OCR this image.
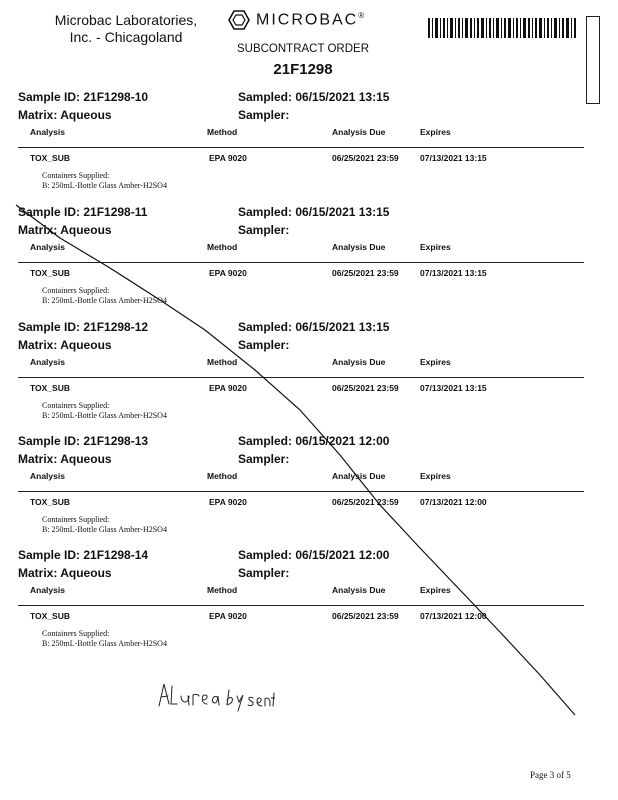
Microbac Laboratories,
Inc. - Chicagoland
MICROBAC®
SUBCONTRACT ORDER
21F1298
Sample ID: 21F1298-10
Matrix: Aqueous
Sampled: 06/15/2021 13:15
Sampler:
Analysis	Method	Analysis Due	Expires
TOX_SUB	EPA 9020	06/25/2021 23:59	07/13/2021 13:15
Containers Supplied:
B: 250mL-Bottle Glass Amber-H2SO4
Sample ID: 21F1298-11
Matrix: Aqueous
Sampled: 06/15/2021 13:15
Sampler:
Analysis	Method	Analysis Due	Expires
TOX_SUB	EPA 9020	06/25/2021 23:59	07/13/2021 13:15
Containers Supplied:
B: 250mL-Bottle Glass Amber-H2SO4
Sample ID: 21F1298-12
Matrix: Aqueous
Sampled: 06/15/2021 13:15
Sampler:
Analysis	Method	Analysis Due	Expires
TOX_SUB	EPA 9020	06/25/2021 23:59	07/13/2021 13:15
Containers Supplied:
B: 250mL-Bottle Glass Amber-H2SO4
Sample ID: 21F1298-13
Matrix: Aqueous
Sampled: 06/15/2021 12:00
Sampler:
Analysis	Method	Analysis Due	Expires
TOX_SUB	EPA 9020	06/25/2021 23:59	07/13/2021 12:00
Containers Supplied:
B: 250mL-Bottle Glass Amber-H2SO4
Sample ID: 21F1298-14
Matrix: Aqueous
Sampled: 06/15/2021 12:00
Sampler:
Analysis	Method	Analysis Due	Expires
TOX_SUB	EPA 9020	06/25/2021 23:59	07/13/2021 12:00
Containers Supplied:
B: 250mL-Bottle Glass Amber-H2SO4
Page 3 of 5
